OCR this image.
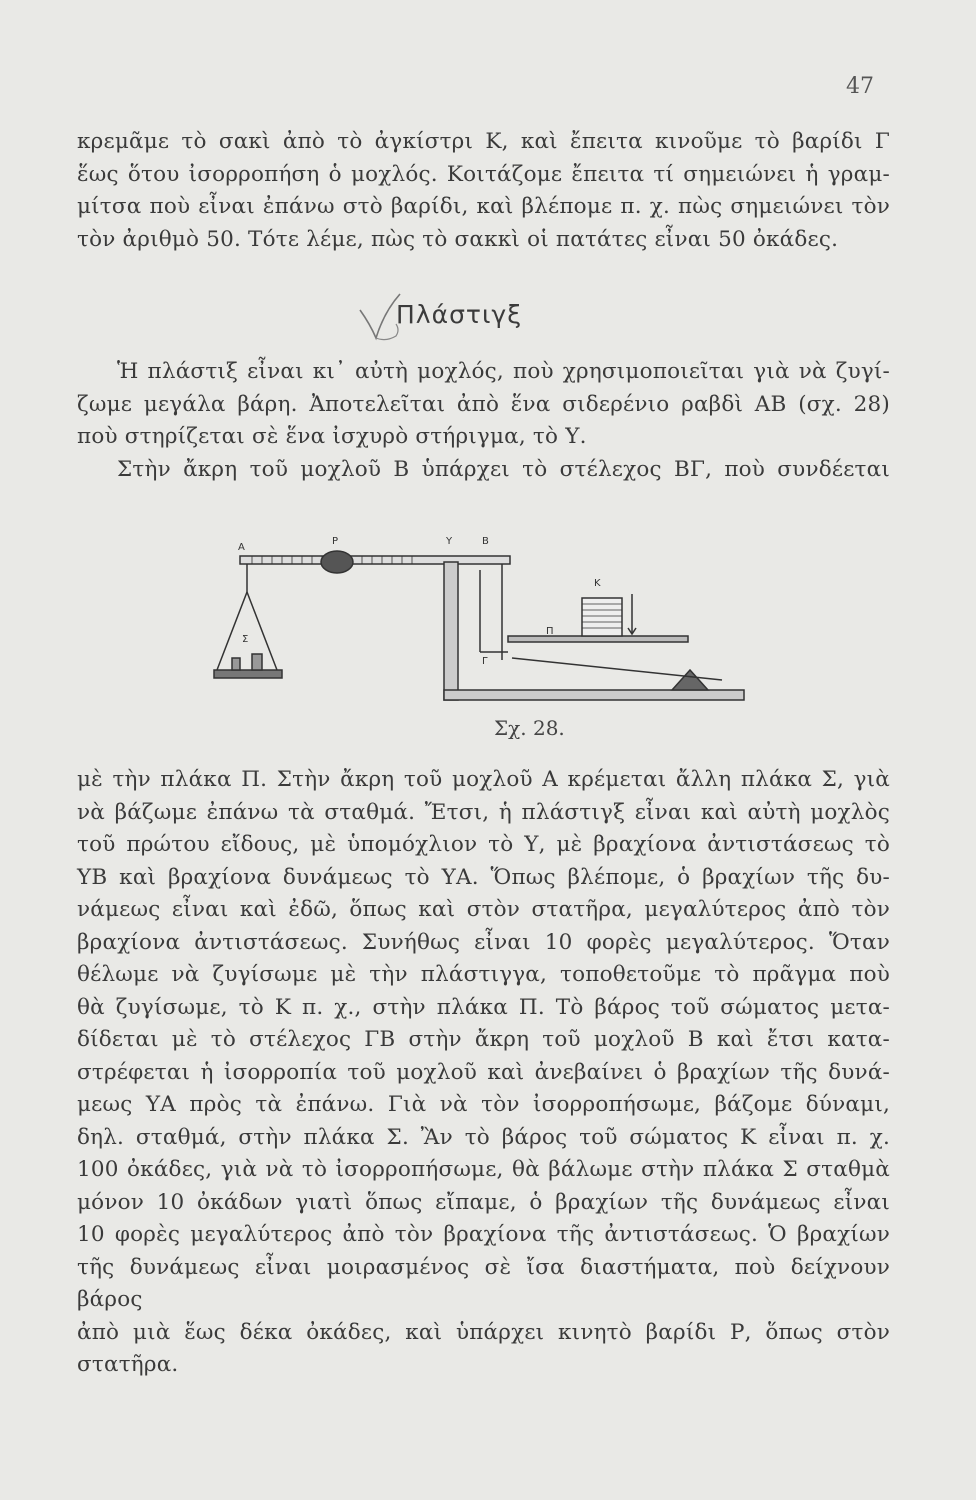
47
κρεμᾶμε τὸ σακὶ ἀπὸ τὸ ἀγκίστρι Κ, καὶ ἔπειτα κινοῦμε τὸ βαρίδι Γ
ἕως ὅτου ἰσορροπήση ὁ μοχλός. Κοιτάζομε ἔπειτα τί σημειώνει ἡ γραμ-
μίτσα ποὺ εἶναι ἐπάνω στὸ βαρίδι, καὶ βλέπομε π. χ. πὼς σημειώνει τὸν
τὸν ἀριθμὸ 50. Τότε λέμε, πὼς τὸ σακκὶ οἱ πατάτες εἶναι 50 ὀκάδες.
Πλάστιγξ
Ἡ πλάστιξ εἶναι κι᾿ αὐτὴ μοχλός, ποὺ χρησιμοποιεῖται γιὰ νὰ ζυγί-
ζωμε μεγάλα βάρη. Ἀποτελεῖται ἀπὸ ἕνα σιδερένιο ραβδὶ ΑΒ (σχ. 28)
ποὺ στηρίζεται σὲ ἕνα ἰσχυρὸ στήριγμα, τὸ Υ.
Στὴν ἄκρη τοῦ μοχλοῦ Β ὑπάρχει τὸ στέλεχος ΒΓ, ποὺ συνδέεται
Α
Ρ	Υ	Β
Κ
Σ
Π
Γ
Σχ. 28.
μὲ τὴν πλάκα Π. Στὴν ἄκρη τοῦ μοχλοῦ Α κρέμεται ἄλλη πλάκα Σ, γιὰ
νὰ βάζωμε ἐπάνω τὰ σταθμά. Ἔτσι, ἡ πλάστιγξ εἶναι καὶ αὐτὴ μοχλὸς
τοῦ πρώτου εἴδους, μὲ ὑπομόχλιον τὸ Υ, μὲ βραχίονα ἀντιστάσεως τὸ
ΥΒ καὶ βραχίονα δυνάμεως τὸ ΥΑ. Ὅπως βλέπομε, ὁ βραχίων τῆς δυ-
νάμεως εἶναι καὶ ἐδῶ, ὅπως καὶ στὸν στατῆρα, μεγαλύτερος ἀπὸ τὸν
βραχίονα ἀντιστάσεως. Συνήθως εἶναι 10 φορὲς μεγαλύτερος. Ὅταν
θέλωμε νὰ ζυγίσωμε μὲ τὴν πλάστιγγα, τοποθετοῦμε τὸ πρᾶγμα ποὺ
θὰ ζυγίσωμε, τὸ Κ π. χ., στὴν πλάκα Π. Τὸ βάρος τοῦ σώματος μετα-
δίδεται μὲ τὸ στέλεχος ΓΒ στὴν ἄκρη τοῦ μοχλοῦ Β καὶ ἔτσι κατα-
στρέφεται ἡ ἰσορροπία τοῦ μοχλοῦ καὶ ἀνεβαίνει ὁ βραχίων τῆς δυνά-
μεως ΥΑ πρὸς τὰ ἐπάνω. Γιὰ νὰ τὸν ἰσορροπήσωμε, βάζομε δύναμι,
δηλ. σταθμά, στὴν πλάκα Σ. Ἂν τὸ βάρος τοῦ σώματος Κ εἶναι π. χ.
100 ὀκάδες, γιὰ νὰ τὸ ἰσορροπήσωμε, θὰ βάλωμε στὴν πλάκα Σ σταθμὰ
μόνον 10 ὀκάδων γιατὶ ὅπως εἴπαμε, ὁ βραχίων τῆς δυνάμεως εἶναι
10 φορὲς μεγαλύτερος ἀπὸ τὸν βραχίονα τῆς ἀντιστάσεως. Ὁ βραχίων
τῆς δυνάμεως εἶναι μοιρασμένος σὲ ἴσα διαστήματα, ποὺ δείχνουν βάρος
ἀπὸ μιὰ ἕως δέκα ὀκάδες, καὶ ὑπάρχει κινητὸ βαρίδι Ρ, ὅπως στὸν
στατῆρα.
